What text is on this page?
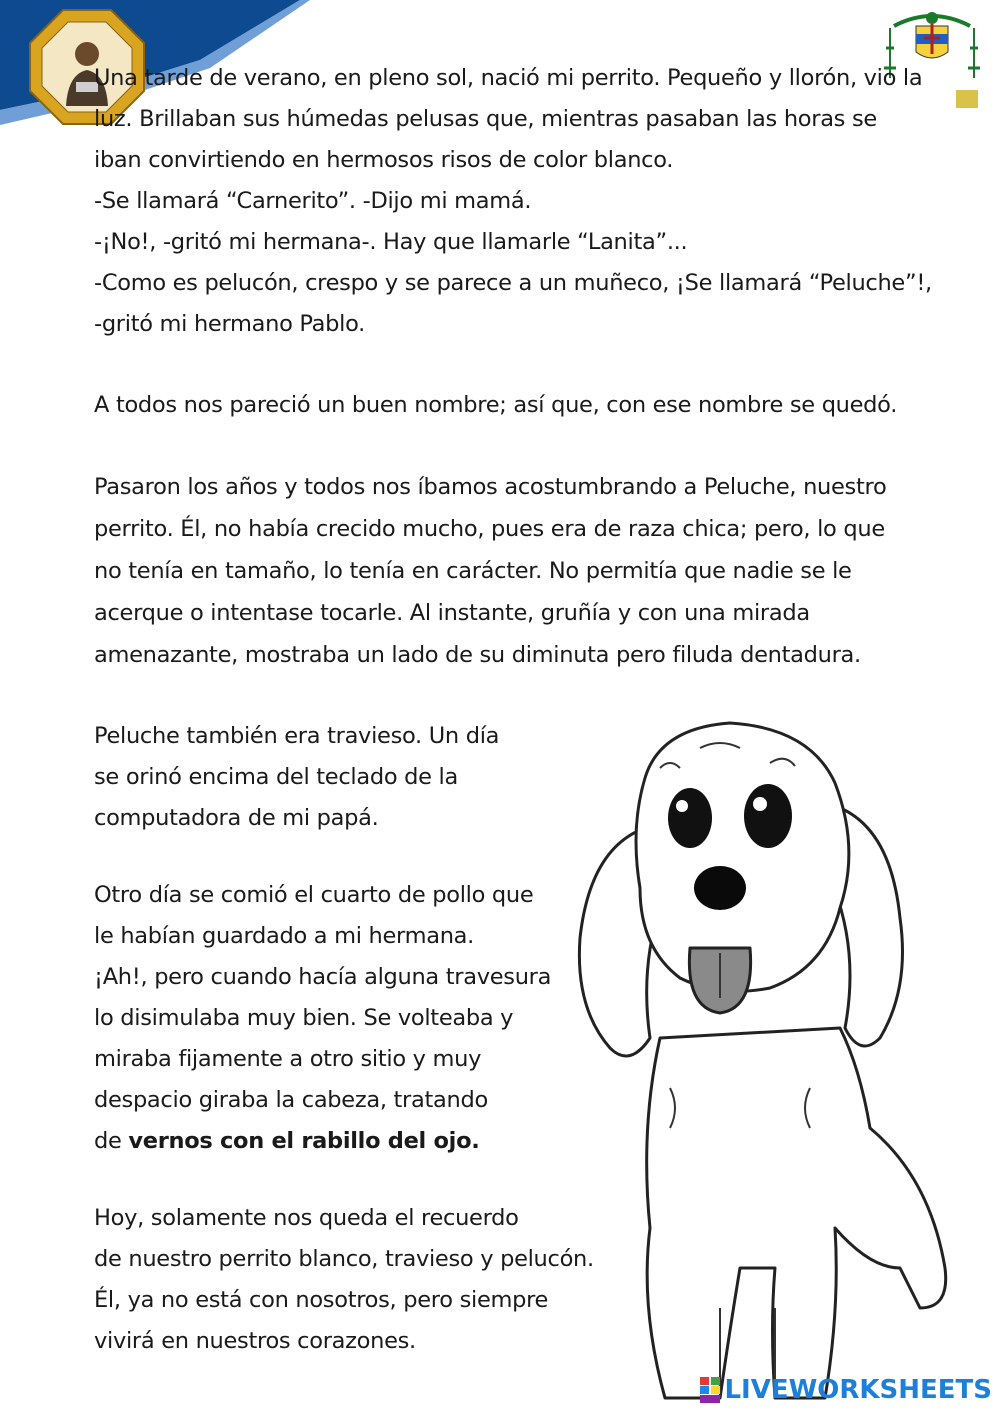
Una tarde de verano, en pleno sol, nació mi perrito. Pequeño y llorón, vio la
luz. Brillaban sus húmedas pelusas que, mientras pasaban las horas se
iban convirtiendo en hermosos risos de color blanco.
-Se llamará “Carnerito”. -Dijo mi mamá.
-¡No!, -gritó mi hermana-. Hay que llamarle “Lanita”...
-Como es pelucón, crespo y se parece a un muñeco, ¡Se llamará “Peluche”!,
-gritó mi hermano Pablo.
A todos nos pareció un buen nombre; así que, con ese nombre se quedó.
Pasaron los años y todos nos íbamos acostumbrando a Peluche, nuestro
perrito. Él, no había crecido mucho, pues era de raza chica; pero, lo que
no tenía en tamaño, lo tenía en carácter. No permitía que nadie se le
acerque o intentase tocarle. Al instante, gruñía y con una mirada
amenazante, mostraba un lado de su diminuta pero filuda dentadura.
Peluche también era travieso. Un día
se orinó encima del teclado de la
computadora de mi papá.
Otro día se comió el cuarto de pollo que
le habían guardado a mi hermana.
¡Ah!, pero cuando hacía alguna travesura
lo disimulaba muy bien. Se volteaba y
miraba fijamente a otro sitio y muy
despacio giraba la cabeza, tratando
de vernos con el rabillo del ojo.
Hoy, solamente nos queda el recuerdo
de nuestro perrito blanco, travieso y pelucón.
Él, ya no está con nosotros, pero siempre
vivirá en nuestros corazones.
LIVEWORKSHEETS
